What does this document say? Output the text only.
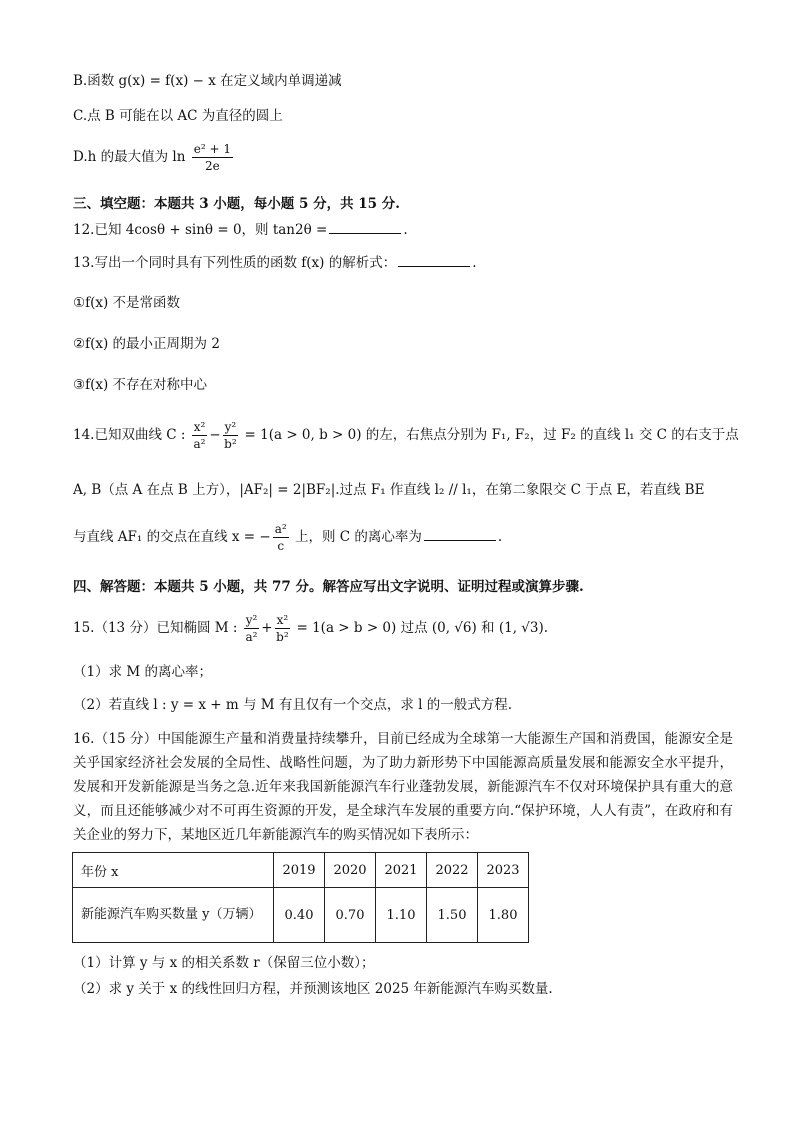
B.函数 g(x) = f(x) − x 在定义域内单调递减
C.点 B 可能在以 AC 为直径的圆上
D.h 的最大值为 $\ln \frac{\text{e² + 1}}{2e}$
三、填空题：本题共 3 小题，每小题 5 分，共 15 分.
12.已知 4cosθ + sinθ = 0，则 tan2θ =	.
13.写出一个同时具有下列性质的函数 f(x) 的解析式：	.
①f(x) 不是常函数
②f(x) 的最小正周期为 2
③f(x) 不存在对称中心
14.已知双曲线 C : $\frac{\text{x²}}{\text{a²}} - \frac{\text{y²}}{\text{b²}} = 1(a > 0$, b > 0) 的左，右焦点分别为 F₁, F₂，过 F₂ 的直线 l₁ 交 C 的右支于点
A, B（点 A 在点 B 上方），|AF₂| = 2|BF₂|.过点 F₁ 作直线 l₂ // l₁，在第二象限交 C 于点 E，若直线 BE
与直线 AF₁ 的交点在直线 x = − $\frac{\text{a²}}{c}$ 上，则 C 的离心率为	.
四、解答题：本题共 5 小题，共 77 分。解答应写出文字说明、证明过程或演算步骤.
15.（13 分）已知椭圆 M : $\frac{\text{y²}}{\text{a²}} + \frac{\text{x²}}{\text{b²}} = 1(a > b > 0)$ 过点 (0, √6) 和 (1, √3).
（1）求 M 的离心率；
（2）若直线 l : y = x + m 与 M 有且仅有一个交点，求 l 的一般式方程.
16.（15 分）中国能源生产量和消费量持续攀升，目前已经成为全球第一大能源生产国和消费国，能源安全是关乎国家经济社会发展的全局性、战略性问题，为了助力新形势下中国能源高质量发展和能源安全水平提升，发展和开发新能源是当务之急.近年来我国新能源汽车行业蓬勃发展，新能源汽车不仅对环境保护具有重大的意义，而且还能够减少对不可再生资源的开发，是全球汽车发展的重要方向.“保护环境，人人有责”，在政府和有关企业的努力下，某地区近几年新能源汽车的购买情况如下表所示：
年份 x	2019	2020	2021	2022	2023
新能源汽车购买数量 y（万辆）	0.40	0.70	1.10	1.50	1.80
（1）计算 y 与 x 的相关系数 r（保留三位小数）；
（2）求 y 关于 x 的线性回归方程，并预测该地区 2025 年新能源汽车购买数量.
